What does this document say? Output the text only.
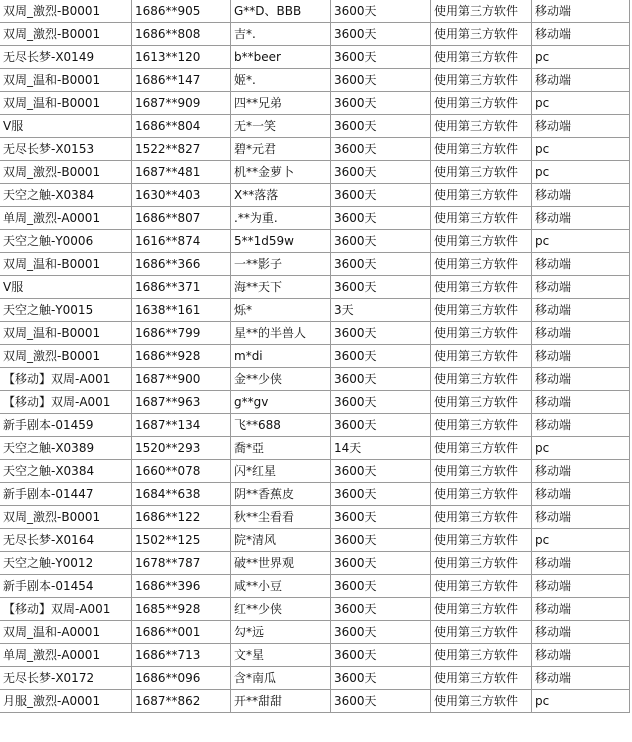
双周_激烈-B0001	1686**905	G**D、BBB	3600天	使用第三方软件	移动端
双周_激烈-B0001	1686**808	吉*.	3600天	使用第三方软件	移动端
无尽长梦-X0149	1613**120	b**beer	3600天	使用第三方软件	pc
双周_温和-B0001	1686**147	姬*.	3600天	使用第三方软件	移动端
双周_温和-B0001	1687**909	四**兄弟	3600天	使用第三方软件	pc
V服	1686**804	无*一笑	3600天	使用第三方软件	移动端
无尽长梦-X0153	1522**827	碧*元君	3600天	使用第三方软件	pc
双周_激烈-B0001	1687**481	机**金萝卜	3600天	使用第三方软件	pc
天空之触-X0384	1630**403	X**落落	3600天	使用第三方软件	移动端
单周_激烈-A0001	1686**807	.**为重.	3600天	使用第三方软件	移动端
天空之触-Y0006	1616**874	5**1d59w	3600天	使用第三方软件	pc
双周_温和-B0001	1686**366	一**影子	3600天	使用第三方软件	移动端
V服	1686**371	海**天下	3600天	使用第三方软件	移动端
天空之触-Y0015	1638**161	烁*	3天	使用第三方软件	移动端
双周_温和-B0001	1686**799	星**的半兽人	3600天	使用第三方软件	移动端
双周_激烈-B0001	1686**928	m*di	3600天	使用第三方软件	移动端
【移动】双周-A001	1687**900	金**少侠	3600天	使用第三方软件	移动端
【移动】双周-A001	1687**963	g**gv	3600天	使用第三方软件	移动端
新手剧本-01459	1687**134	飞**688	3600天	使用第三方软件	移动端
天空之触-X0389	1520**293	喬*亞	14天	使用第三方软件	pc
天空之触-X0384	1660**078	闪*红星	3600天	使用第三方软件	移动端
新手剧本-01447	1684**638	阴**香蕉皮	3600天	使用第三方软件	移动端
双周_激烈-B0001	1686**122	秋**尘看看	3600天	使用第三方软件	移动端
无尽长梦-X0164	1502**125	院*清风	3600天	使用第三方软件	pc
天空之触-Y0012	1678**787	破**世界观	3600天	使用第三方软件	移动端
新手剧本-01454	1686**396	咸**小豆	3600天	使用第三方软件	移动端
【移动】双周-A001	1685**928	红**少侠	3600天	使用第三方软件	移动端
双周_温和-A0001	1686**001	勾*远	3600天	使用第三方软件	移动端
单周_激烈-A0001	1686**713	文*星	3600天	使用第三方软件	移动端
无尽长梦-X0172	1686**096	含*南瓜	3600天	使用第三方软件	移动端
月服_激烈-A0001	1687**862	开**甜甜	3600天	使用第三方软件	pc
